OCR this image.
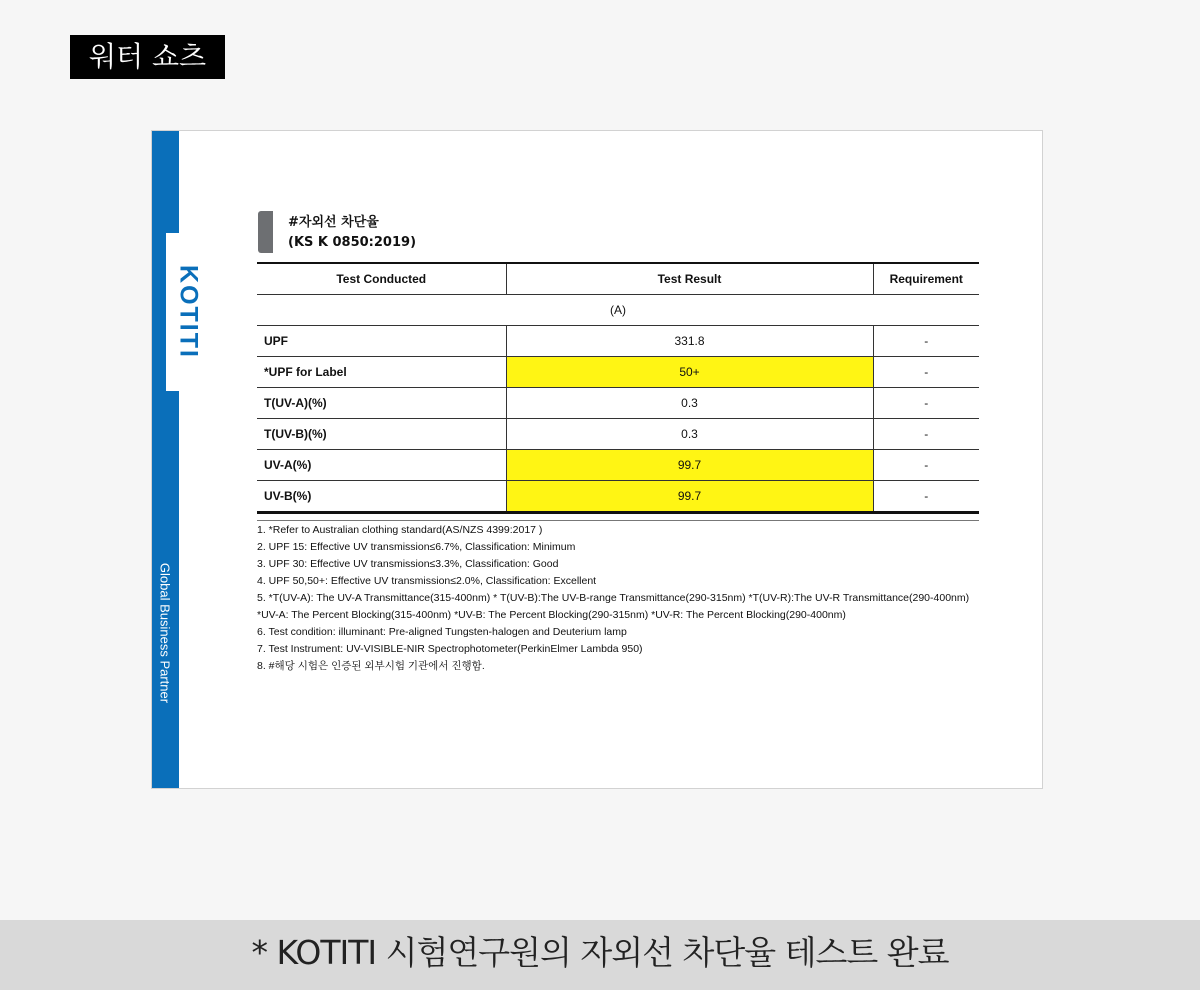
워터 쇼츠
Global Business Partner
KOTITI
#자외선 차단율
(KS K 0850:2019)
Test Conducted	Test Result	Requirement
(A)		
UPF	331.8	-
*UPF for Label	50+	-
T(UV-A)(%)	0.3	-
T(UV-B)(%)	0.3	-
UV-A(%)	99.7	-
UV-B(%)	99.7	-
1. *Refer to Australian clothing standard(AS/NZS 4399:2017 )
2. UPF 15: Effective UV transmission≤6.7%, Classification: Minimum
3. UPF 30: Effective UV transmission≤3.3%, Classification: Good
4. UPF 50,50+: Effective UV transmission≤2.0%, Classification: Excellent
5. *T(UV-A): The UV-A Transmittance(315-400nm) * T(UV-B):The UV-B-range Transmittance(290-315nm) *T(UV-R):The UV-R Transmittance(290-400nm) *UV-A: The Percent Blocking(315-400nm) *UV-B: The Percent Blocking(290-315nm) *UV-R: The Percent Blocking(290-400nm)
6. Test condition: illuminant: Pre-aligned Tungsten-halogen and Deuterium lamp
7. Test Instrument: UV-VISIBLE-NIR Spectrophotometer(PerkinElmer Lambda 950)
8. #해당 시험은 인증된 외부시험 기관에서 진행함.
* KOTITI 시험연구원의 자외선 차단율 테스트 완료
